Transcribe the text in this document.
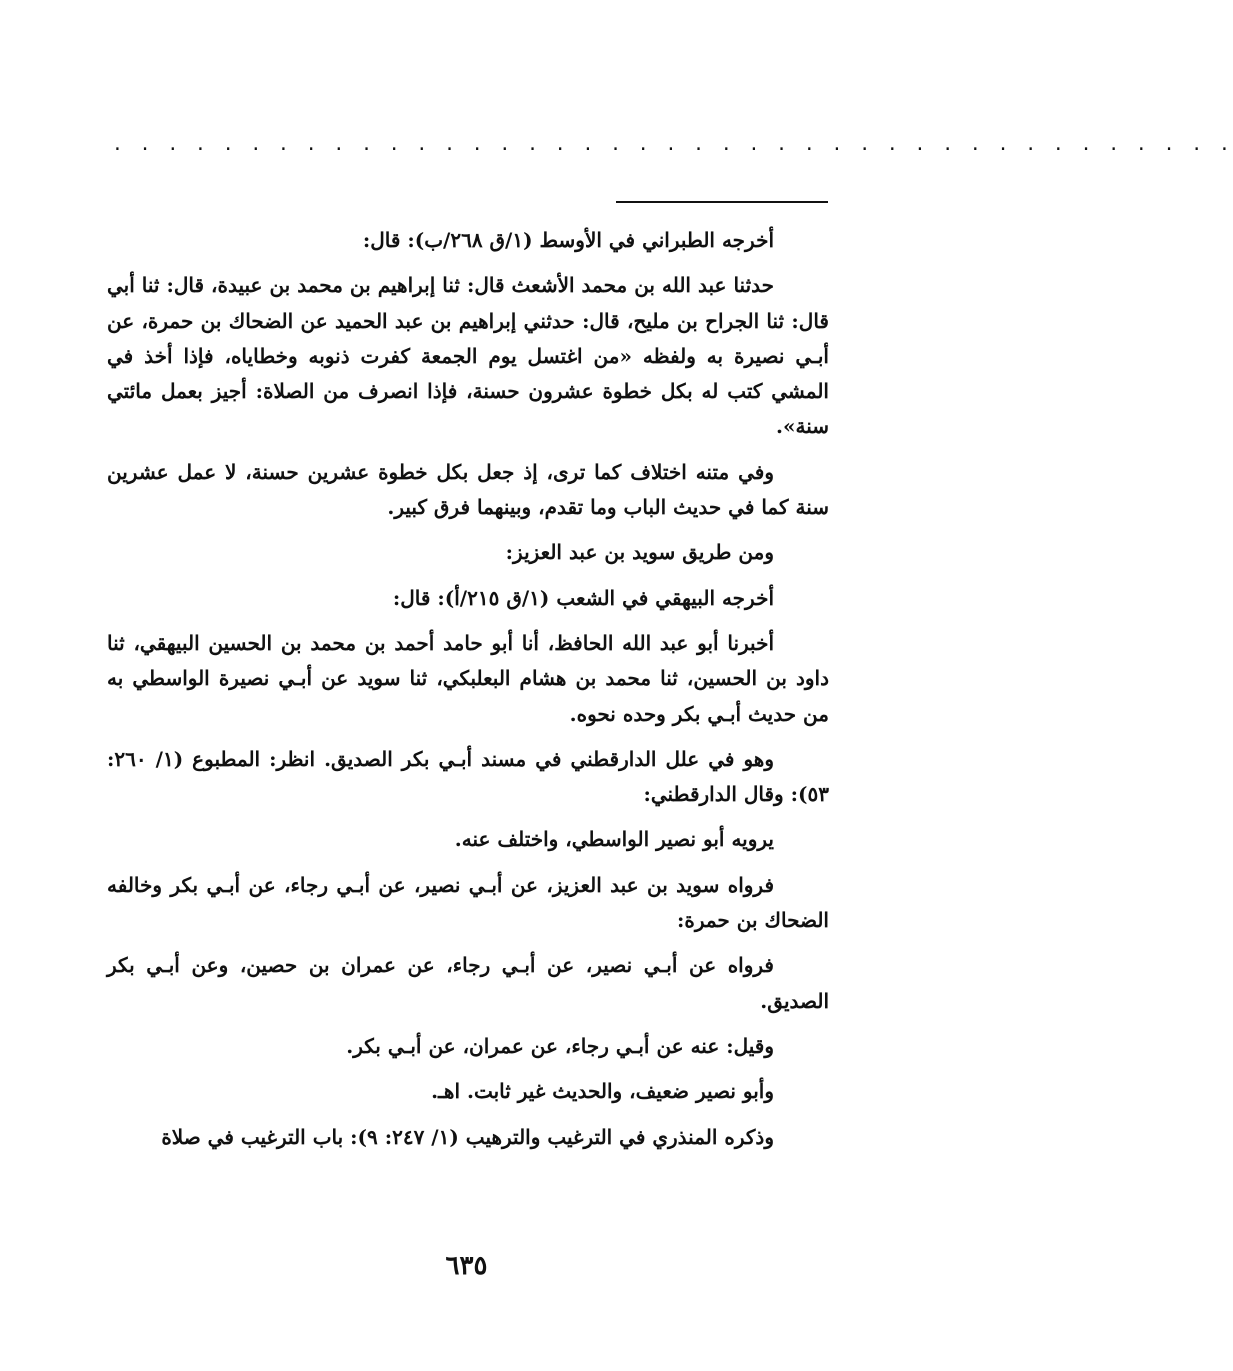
. . . . . . . . . . . . . . . . . . . . . . . . . . . . . . . . . . . . . . . . .

أخرجه الطبراني في الأوسط (١/ق ٢٦٨/ب): قال:

حدثنا عبد الله بن محمد الأشعث قال: ثنا إبراهيم بن محمد بن عبيدة، قال: ثنا أبي قال: ثنا الجراح بن مليح، قال: حدثني إبراهيم بن عبد الحميد عن الضحاك بن حمرة، عن أبـي نصيرة به ولفظه «من اغتسل يوم الجمعة كفرت ذنوبه وخطاياه، فإذا أخذ في المشي كتب له بكل خطوة عشرون حسنة، فإذا انصرف من الصلاة: أجيز بعمل مائتي سنة».

وفي متنه اختلاف كما ترى، إذ جعل بكل خطوة عشرين حسنة، لا عمل عشرين سنة كما في حديث الباب وما تقدم، وبينهما فرق كبير.

ومن طريق سويد بن عبد العزيز:

أخرجه البيهقي في الشعب (١/ق ٢١٥/أ): قال:

أخبرنا أبو عبد الله الحافظ، أنا أبو حامد أحمد بن محمد بن الحسين البيهقي، ثنا داود بن الحسين، ثنا محمد بن هشام البعلبكي، ثنا سويد عن أبـي نصيرة الواسطي به من حديث أبـي بكر وحده نحوه.

وهو في علل الدارقطني في مسند أبـي بكر الصديق. انظر: المطبوع (١/ ٢٦٠: ٥٣): وقال الدارقطني:

يرويه أبو نصير الواسطي، واختلف عنه.

فرواه سويد بن عبد العزيز، عن أبـي نصير، عن أبـي رجاء، عن أبـي بكر وخالفه الضحاك بن حمرة:

فرواه عن أبـي نصير، عن أبـي رجاء، عن عمران بن حصين، وعن أبـي بكر الصديق.

وقيل: عنه عن أبـي رجاء، عن عمران، عن أبـي بكر.

وأبو نصير ضعيف، والحديث غير ثابت. اهـ.

وذكره المنذري في الترغيب والترهيب (١/ ٢٤٧: ٩): باب الترغيب في صلاة

٦٣٥
